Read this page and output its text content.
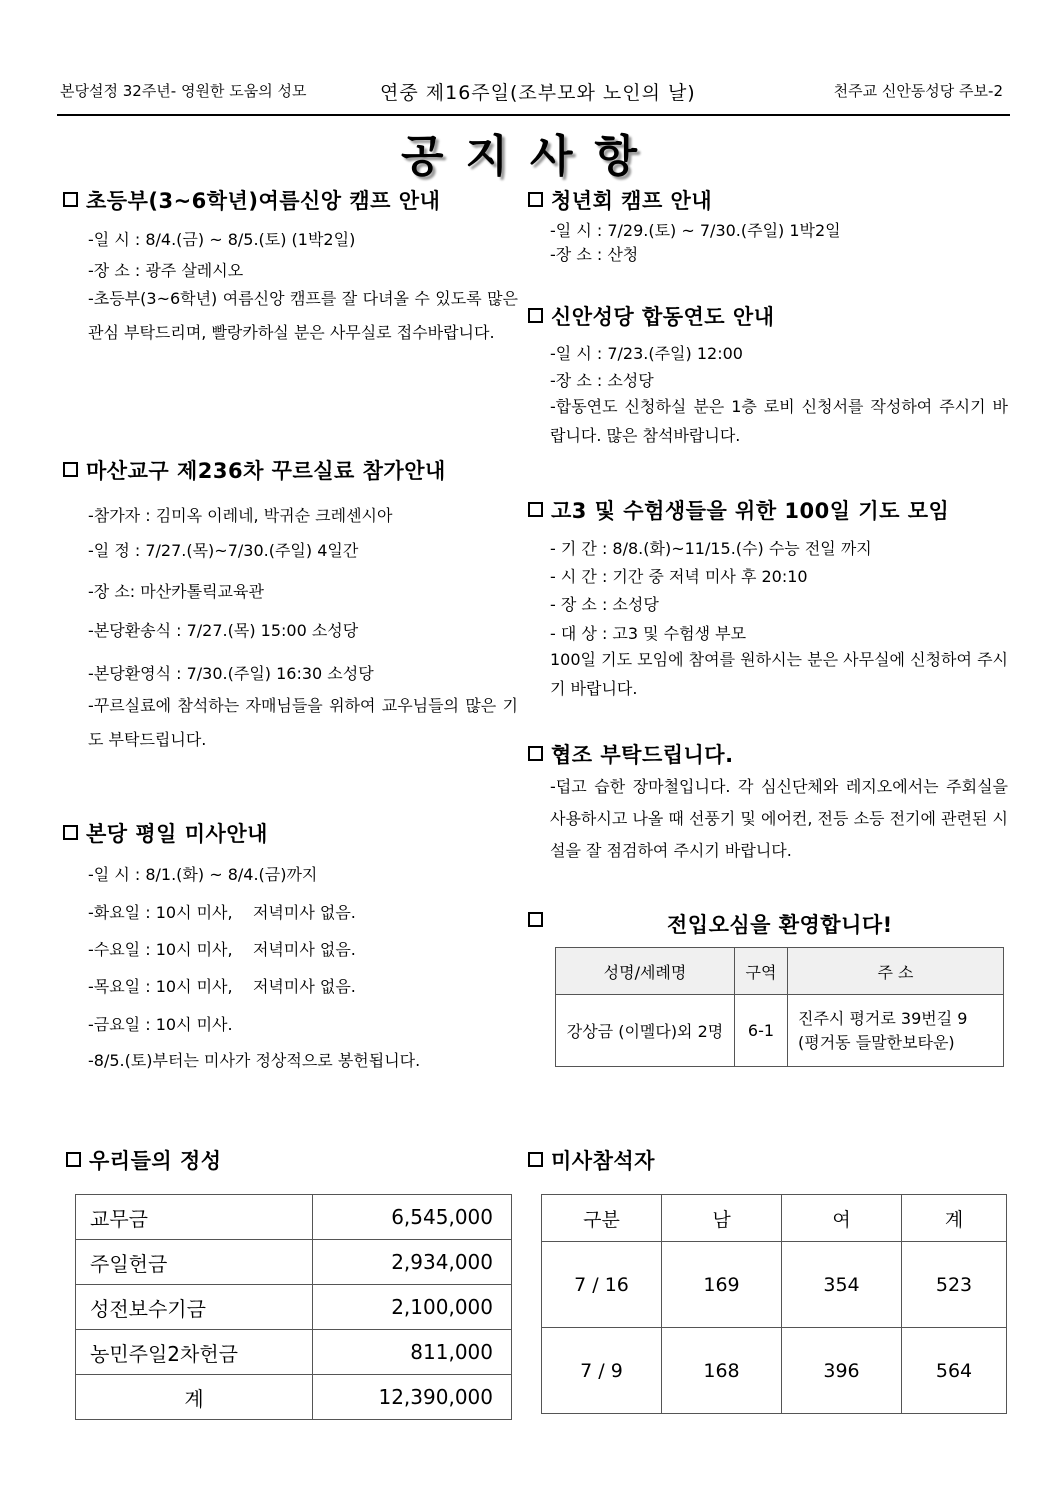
본당설정 32주년- 영원한 도움의 성모	연중 제16주일(조부모와 노인의 날)	천주교 신안동성당 주보-2
공지사항
초등부(3~6학년)여름신앙 캠프 안내
-일 시 : 8/4.(금) ~ 8/5.(토) (1박2일)
-장 소 : 광주 살레시오
-초등부(3~6학년) 여름신앙 캠프를 잘 다녀올 수 있도록 많은 관심 부탁드리며, 빨랑카하실 분은 사무실로 접수바랍니다.
마산교구 제236차 꾸르실료 참가안내
-참가자 : 김미옥 이레네, 박귀순 크레센시아
-일 정 : 7/27.(목)~7/30.(주일) 4일간
-장 소: 마산카톨릭교육관
-본당환송식 : 7/27.(목) 15:00 소성당
-본당환영식 : 7/30.(주일) 16:30 소성당
-꾸르실료에 참석하는 자매님들을 위하여 교우님들의 많은 기도 부탁드립니다.
본당 평일 미사안내
-일 시 : 8/1.(화) ~ 8/4.(금)까지
-화요일 : 10시 미사,    저녁미사 없음.
-수요일 : 10시 미사,    저녁미사 없음.
-목요일 : 10시 미사,    저녁미사 없음.
-금요일 : 10시 미사.
-8/5.(토)부터는 미사가 정상적으로 봉헌됩니다.
청년회 캠프 안내
-일 시 : 7/29.(토) ~ 7/30.(주일) 1박2일
-장 소 : 산청
신안성당 합동연도 안내
-일 시 : 7/23.(주일) 12:00
-장 소 : 소성당
-합동연도 신청하실 분은 1층 로비 신청서를 작성하여 주시기 바랍니다. 많은 참석바랍니다.
고3 및 수험생들을 위한 100일 기도 모임
- 기 간 : 8/8.(화)~11/15.(수) 수능 전일 까지
- 시 간 : 기간 중 저녁 미사 후 20:10
- 장 소 : 소성당
- 대 상 : 고3 및 수험생 부모
100일 기도 모임에 참여를 원하시는 분은 사무실에 신청하여 주시기 바랍니다.
협조 부탁드립니다.
-덥고 습한 장마철입니다. 각 심신단체와 레지오에서는 주회실을 사용하시고 나올 때 선풍기 및 에어컨, 전등 소등 전기에 관련된 시설을 잘 점검하여 주시기 바랍니다.
전입오심을 환영합니다!
성명/세례명	구역	주 소
강상금 (이멜다)외 2명	6-1	진주시 평거로 39번길 9
(평거동 들말한보타운)
우리들의 정성
교무금	6,545,000
주일헌금	2,934,000
성전보수기금	2,100,000
농민주일2차헌금	811,000
계	12,390,000
미사참석자
구분	남	여	계
7 / 16	169	354	523
7 / 9	168	396	564
